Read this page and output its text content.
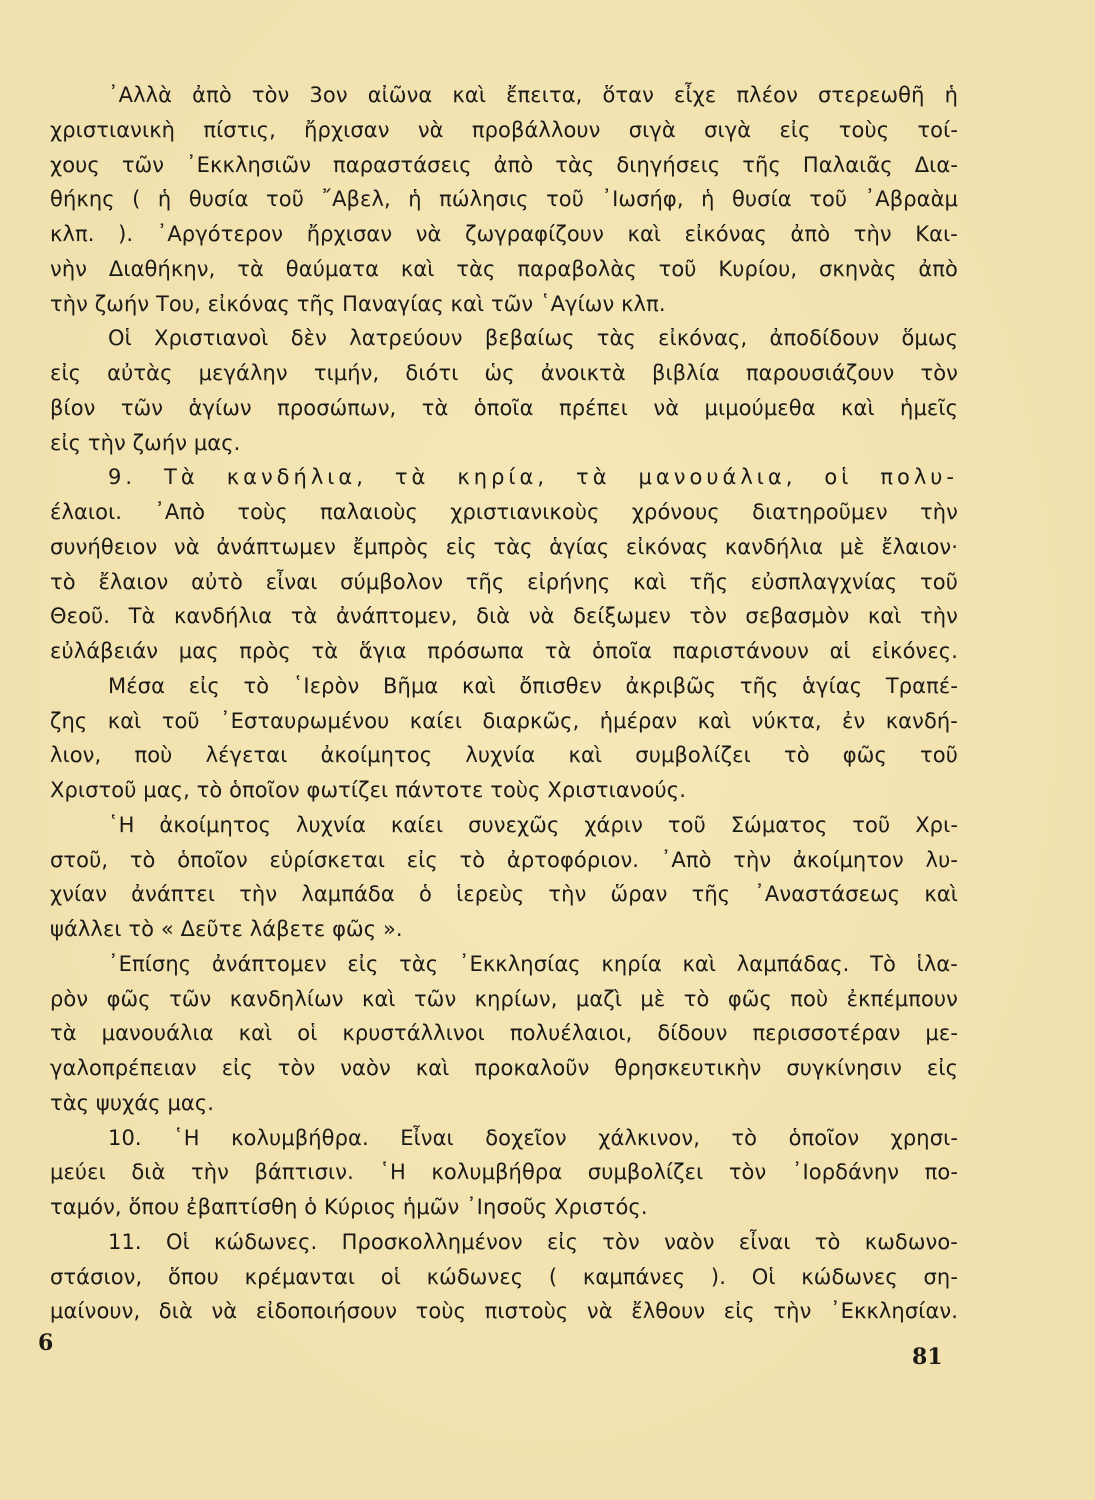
᾿Αλλὰ ἀπὸ τὸν 3ον αἰῶνα καὶ ἔπειτα, ὅταν εἶχε πλέον στερεωθῆ ἡ
χριστιανικὴ πίστις, ἤρχισαν νὰ προβάλλουν σιγὰ σιγὰ εἰς τοὺς τοί-
χους τῶν ᾿Εκκλησιῶν παραστάσεις ἀπὸ τὰς διηγήσεις τῆς Παλαιᾶς Δια-
θήκης ( ἡ θυσία τοῦ ῎Αβελ, ἡ πώλησις τοῦ ᾿Ιωσήφ, ἡ θυσία τοῦ ᾿Αβραὰμ
κλπ. ). ᾿Αργότερον ἤρχισαν νὰ ζωγραφίζουν καὶ εἰκόνας ἀπὸ τὴν Και-
νὴν Διαθήκην, τὰ θαύματα καὶ τὰς παραβολὰς τοῦ Κυρίου, σκηνὰς ἀπὸ
τὴν ζωήν Του, εἰκόνας τῆς Παναγίας καὶ τῶν ῾Αγίων κλπ.
Οἱ Χριστιανοὶ δὲν λατρεύουν βεβαίως τὰς εἰκόνας, ἀποδίδουν ὅμως
εἰς αὐτὰς μεγάλην τιμήν, διότι ὡς ἀνοικτὰ βιβλία παρουσιάζουν τὸν
βίον τῶν ἁγίων προσώπων, τὰ ὁποῖα πρέπει νὰ μιμούμεθα καὶ ἡμεῖς
εἰς τὴν ζωήν μας.
9. Τὰ κανδήλια, τὰ κηρία, τὰ μανουάλια, οἱ πολυ-
έλαιοι. ᾿Απὸ τοὺς παλαιοὺς χριστιανικοὺς χρόνους διατηροῦμεν τὴν
συνήθειον νὰ ἀνάπτωμεν ἔμπρὸς εἰς τὰς ἁγίας εἰκόνας κανδήλια μὲ ἔλαιον·
τὸ ἔλαιον αὐτὸ εἶναι σύμβολον τῆς εἰρήνης καὶ τῆς εὐσπλαγχνίας τοῦ
Θεοῦ. Τὰ κανδήλια τὰ ἀνάπτομεν, διὰ νὰ δείξωμεν τὸν σεβασμὸν καὶ τὴν
εὐλάβειάν μας πρὸς τὰ ἅγια πρόσωπα τὰ ὁποῖα παριστάνουν αἱ εἰκόνες.
Μέσα εἰς τὸ ῾Ιερὸν Βῆμα καὶ ὄπισθεν ἀκριβῶς τῆς ἁγίας Τραπέ-
ζης καὶ τοῦ ᾿Εσταυρωμένου καίει διαρκῶς, ἡμέραν καὶ νύκτα, ἐν κανδή-
λιον, ποὺ λέγεται ἀκοίμητος λυχνία καὶ συμβολίζει τὸ φῶς τοῦ
Χριστοῦ μας, τὸ ὁποῖον φωτίζει πάντοτε τοὺς Χριστιανούς.
῾Η ἀκοίμητος λυχνία καίει συνεχῶς χάριν τοῦ Σώματος τοῦ Χρι-
στοῦ, τὸ ὁποῖον εὑρίσκεται εἰς τὸ ἀρτοφόριον. ᾿Απὸ τὴν ἀκοίμητον λυ-
χνίαν ἀνάπτει τὴν λαμπάδα ὁ ἱερεὺς τὴν ὥραν τῆς ᾿Αναστάσεως καὶ
ψάλλει τὸ « Δεῦτε λάβετε φῶς ».
᾿Επίσης ἀνάπτομεν εἰς τὰς ᾿Εκκλησίας κηρία καὶ λαμπάδας. Τὸ ἱλα-
ρὸν φῶς τῶν κανδηλίων καὶ τῶν κηρίων, μαζὶ μὲ τὸ φῶς ποὺ ἐκπέμπουν
τὰ μανουάλια καὶ οἱ κρυστάλλινοι πολυέλαιοι, δίδουν περισσοτέραν με-
γαλοπρέπειαν εἰς τὸν ναὸν καὶ προκαλοῦν θρησκευτικὴν συγκίνησιν εἰς
τὰς ψυχάς μας.
10. ῾Η κολυμβήθρα. Εἶναι δοχεῖον χάλκινον, τὸ ὁποῖον χρησι-
μεύει διὰ τὴν βάπτισιν. ῾Η κολυμβήθρα συμβολίζει τὸν ᾿Ιορδάνην πο-
ταμόν, ὅπου ἐβαπτίσθη ὁ Κύριος ἡμῶν ᾿Ιησοῦς Χριστός.
11. Οἱ κώδωνες. Προσκολλημένον εἰς τὸν ναὸν εἶναι τὸ κωδωνο-
στάσιον, ὅπου κρέμανται οἱ κώδωνες ( καμπάνες ). Οἱ κώδωνες ση-
μαίνουν, διὰ νὰ εἰδοποιήσουν τοὺς πιστοὺς νὰ ἔλθουν εἰς τὴν ᾿Εκκλησίαν.
6
81
